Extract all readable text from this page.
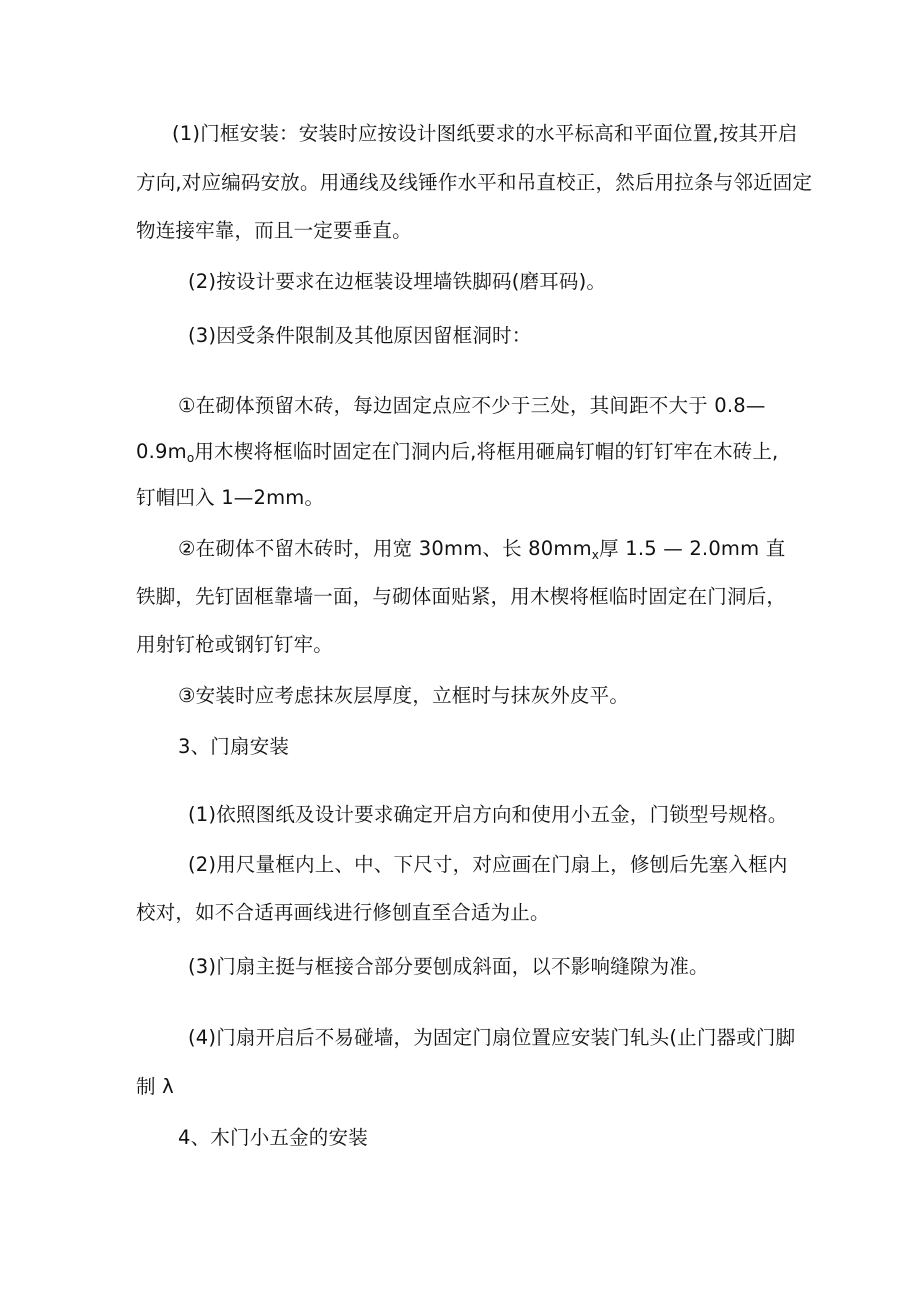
(1)门框安装：安装时应按设计图纸要求的水平标高和平面位置,按其开启
方向,对应编码安放。用通线及线锤作水平和吊直校正，然后用拉条与邻近固定
物连接牢靠，而且一定要垂直。
(2)按设计要求在边框装设埋墙铁脚码(磨耳码)。
(3)因受条件限制及其他原因留框洞时：
①在砌体预留木砖，每边固定点应不少于三处，其间距不大于 0.8—
$0.9m_o$用木楔将框临时固定在门洞内后,将框用砸扁钉帽的钉钉牢在木砖上,
钉帽凹入 1—2mm。
②在砌体不留木砖时，用宽 30mm、长 $80mm_x$厚 1.5 — 2.0mm 直
铁脚，先钉固框靠墙一面，与砌体面贴紧，用木楔将框临时固定在门洞后，
用射钉枪或钢钉钉牢。
③安装时应考虑抹灰层厚度，立框时与抹灰外皮平。
3、门扇安装
(1)依照图纸及设计要求确定开启方向和使用小五金，门锁型号规格。
(2)用尺量框内上、中、下尺寸，对应画在门扇上，修刨后先塞入框内
校对，如不合适再画线进行修刨直至合适为止。
(3)门扇主挺与框接合部分要刨成斜面，以不影响缝隙为准。
(4)门扇开启后不易碰墙，为固定门扇位置应安装门轧头(止门器或门脚
制 λ
4、木门小五金的安装
